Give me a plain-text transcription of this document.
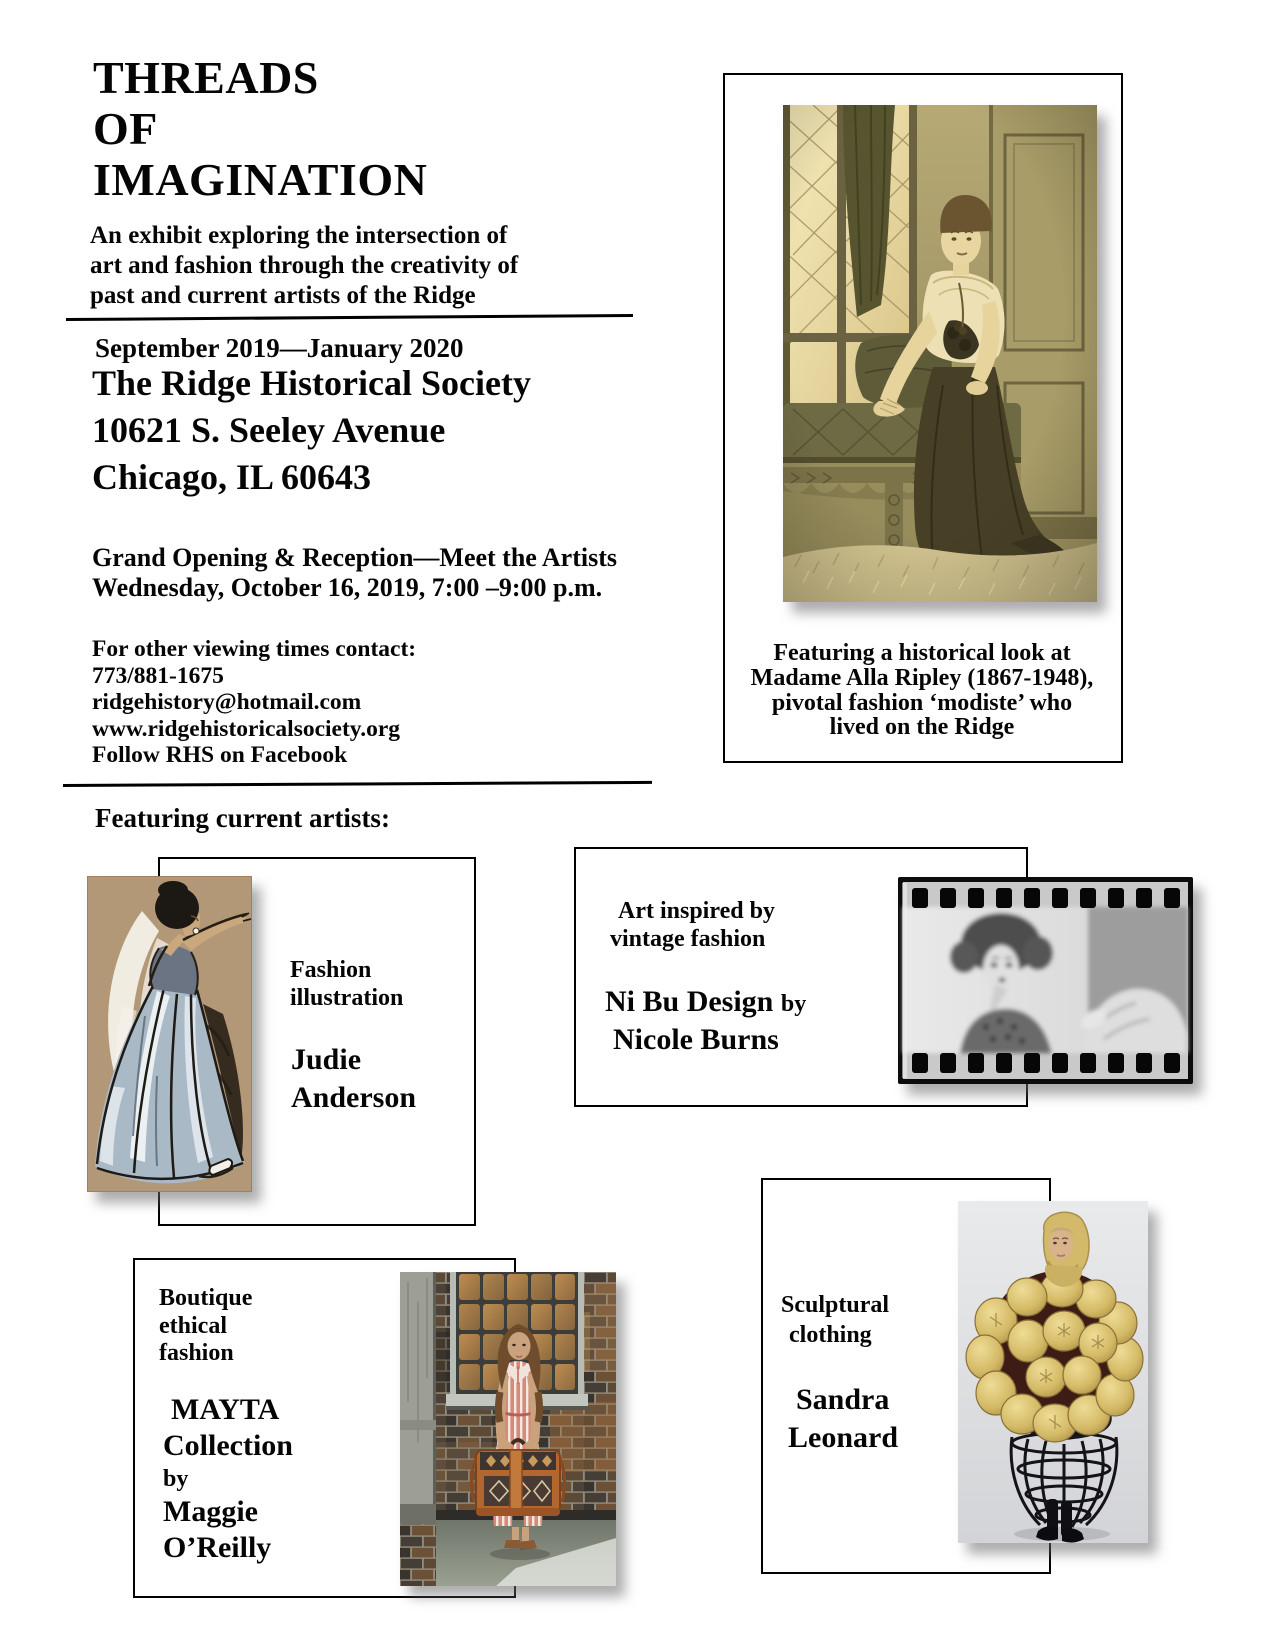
THREADS
OF
IMAGINATION
An exhibit exploring the intersection of
art and fashion through the creativity of
past and current artists of the Ridge
September 2019—January 2020
The Ridge Historical Society
10621 S. Seeley Avenue
Chicago, IL 60643
Grand Opening & Reception—Meet the Artists
Wednesday, October 16, 2019, 7:00 –9:00 p.m.
For other viewing times contact:
773/881-1675
ridgehistory@hotmail.com
www.ridgehistoricalsociety.org
Follow RHS on Facebook
Featuring current artists:
Featuring a historical look at
Madame Alla Ripley (1867-1948),
pivotal fashion ‘modiste’ who
lived on the Ridge
Fashion
illustration
Judie
Anderson
Art inspired by
vintage fashion
Ni Bu Design by
Nicole Burns
Boutique
ethical
fashion
MAYTA
Collection
by
Maggie
O’Reilly
Sculptural
clothing
Sandra
Leonard
